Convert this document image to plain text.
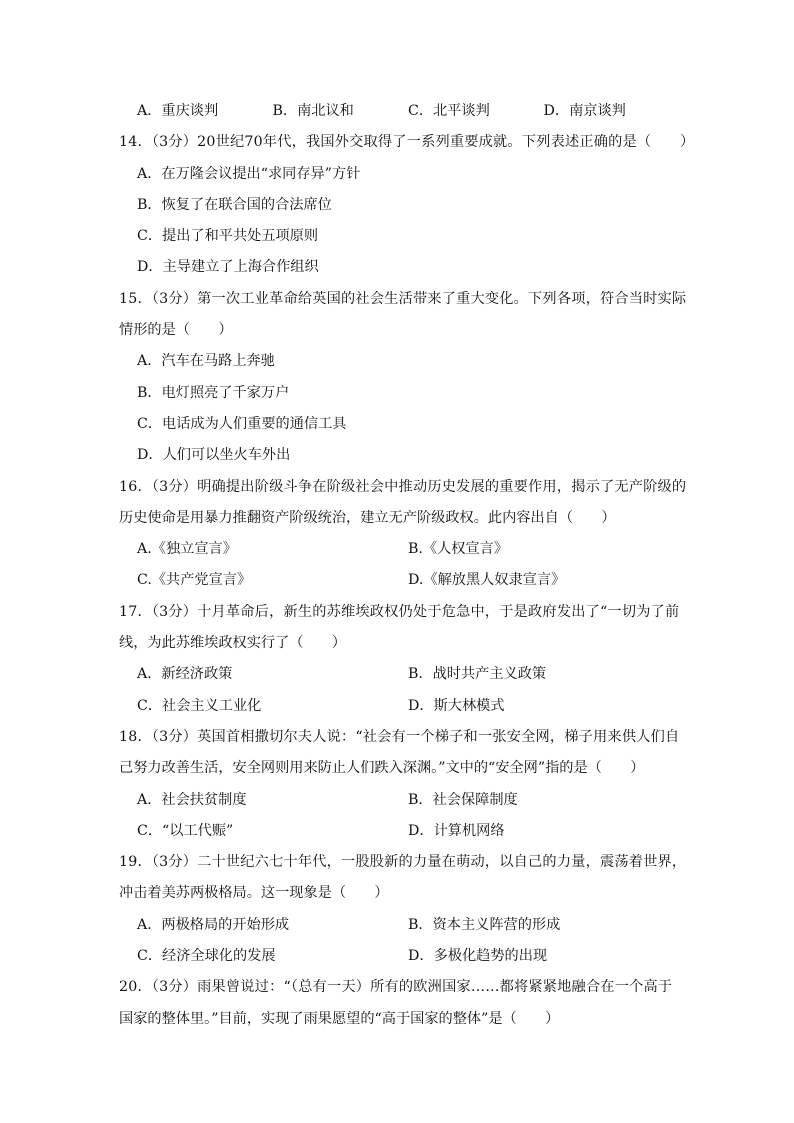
A．重庆谈判	B．南北议和	C．北平谈判	D．南京谈判
14．（3分）20世纪70年代，我国外交取得了一系列重要成就。下列表述正确的是（　　）
A．在万隆会议提出“求同存异”方针
B．恢复了在联合国的合法席位
C．提出了和平共处五项原则
D．主导建立了上海合作组织
15．（3分）第一次工业革命给英国的社会生活带来了重大变化。下列各项，符合当时实际
情形的是（　　）
A．汽车在马路上奔驰
B．电灯照亮了千家万户
C．电话成为人们重要的通信工具
D．人们可以坐火车外出
16．（3分）明确提出阶级斗争在阶级社会中推动历史发展的重要作用，揭示了无产阶级的
历史使命是用暴力推翻资产阶级统治，建立无产阶级政权。此内容出自（　　）
A.《独立宣言》	B.《人权宣言》
C.《共产党宣言》	D.《解放黑人奴隶宣言》
17．（3分）十月革命后，新生的苏维埃政权仍处于危急中，于是政府发出了“一切为了前
线，为此苏维埃政权实行了（　　）
A．新经济政策	B．战时共产主义政策
C．社会主义工业化	D．斯大林模式
18．（3分）英国首相撒切尔夫人说：“社会有一个梯子和一张安全网，梯子用来供人们自
己努力改善生活，安全网则用来防止人们跌入深渊。”文中的“安全网”指的是（　　）
A．社会扶贫制度	B．社会保障制度
C．“以工代赈”	D．计算机网络
19．（3分）二十世纪六七十年代，一股股新的力量在萌动，以自己的力量，震荡着世界，
冲击着美苏两极格局。这一现象是（　　）
A．两极格局的开始形成	B．资本主义阵营的形成
C．经济全球化的发展	D．多极化趋势的出现
20．（3分）雨果曾说过：“（总有一天）所有的欧洲国家……都将紧紧地融合在一个高于
国家的整体里。”目前，实现了雨果愿望的“高于国家的整体”是（　　）
